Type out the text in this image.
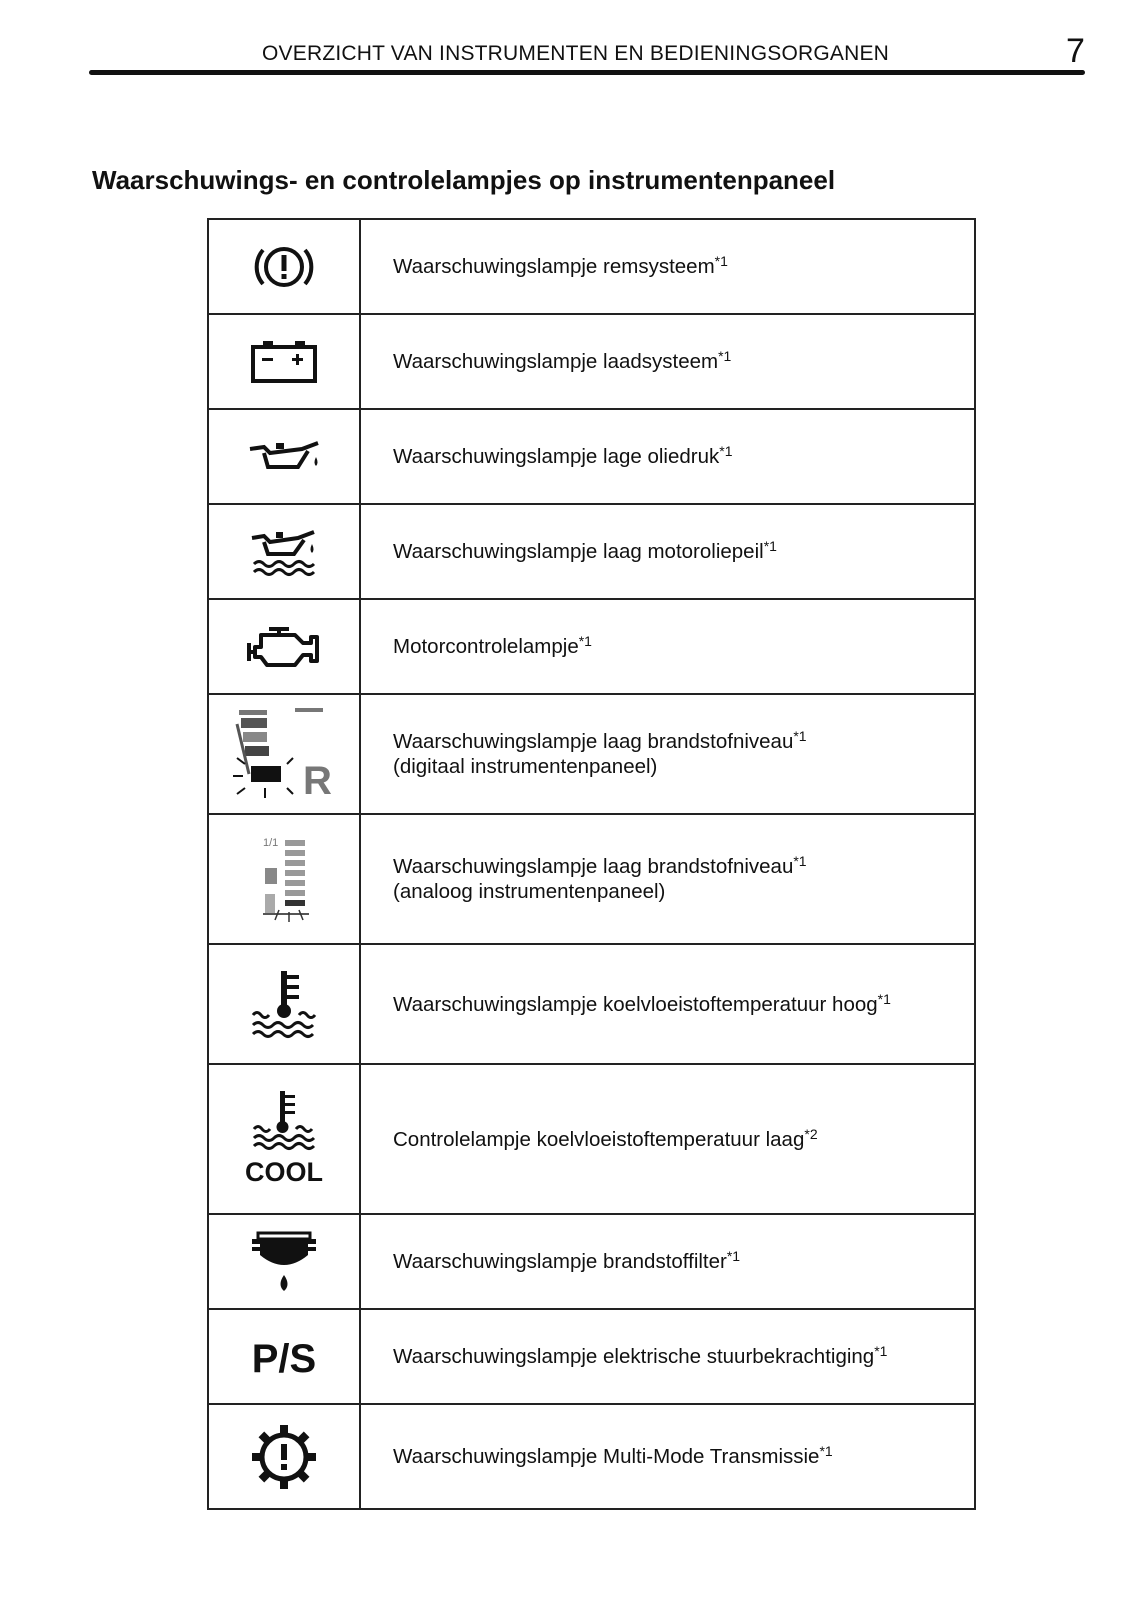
OVERZICHT VAN INSTRUMENTEN EN BEDIENINGSORGANEN	7
Waarschuwings- en controlelampjes op instrumentenpaneel
	Waarschuwingslampje remsysteem$^{*1}$

	Waarschuwingslampje laadsysteem$^{*1}$

	Waarschuwingslampje lage oliedruk$^{*1}$

	Waarschuwingslampje laag motoroliepeil$^{*1}$

	Motorcontrolelampje$^{*1}$

R	Waarschuwingslampje laag brandstofniveau$^{*1}$
(digitaal instrumentenpaneel)

1/1	Waarschuwingslampje laag brandstofniveau$^{*1}$
(analoog instrumentenpaneel)

	Waarschuwingslampje koelvloeistoftemperatuur hoog$^{*1}$

COOL	Controlelampje koelvloeistoftemperatuur laag$^{*2}$

	Waarschuwingslampje brandstoffilter$^{*1}$

P/S	Waarschuwingslampje elektrische stuurbekrachtiging$^{*1}$

	Waarschuwingslampje Multi-Mode Transmissie$^{*1}$
